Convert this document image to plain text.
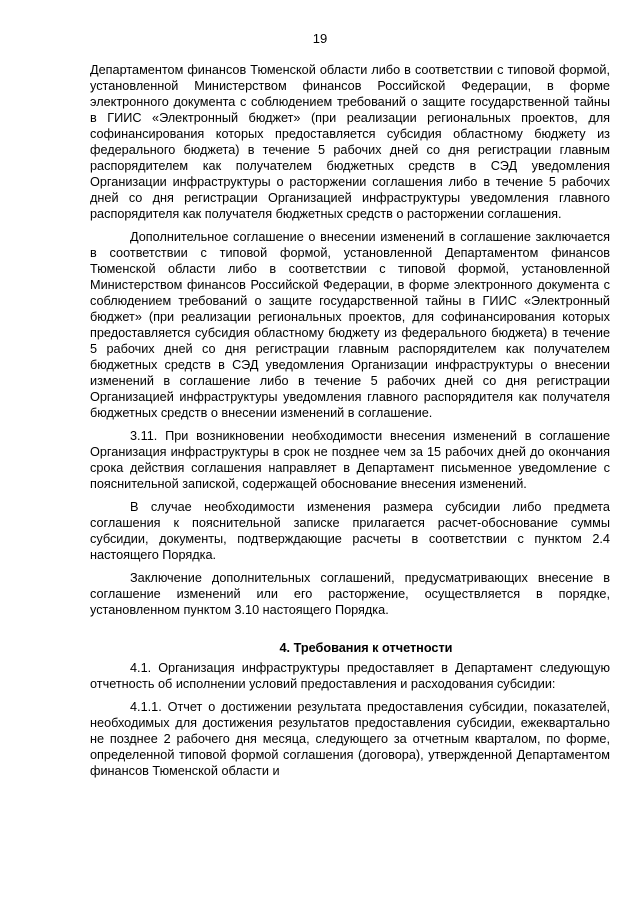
19

Департаментом финансов Тюменской области либо в соответствии с типовой формой, установленной Министерством финансов Российской Федерации, в форме электронного документа с соблюдением требований о защите государственной тайны в ГИИС «Электронный бюджет» (при реализации региональных проектов, для софинансирования которых предоставляется субсидия областному бюджету из федерального бюджета) в течение 5 рабочих дней со дня регистрации главным распорядителем как получателем бюджетных средств в СЭД уведомления Организации инфраструктуры о расторжении соглашения либо в течение 5 рабочих дней со дня регистрации Организацией инфраструктуры уведомления главного распорядителя как получателя бюджетных средств о расторжении соглашения.

Дополнительное соглашение о внесении изменений в соглашение заключается в соответствии с типовой формой, установленной Департаментом финансов Тюменской области либо в соответствии с типовой формой, установленной Министерством финансов Российской Федерации, в форме электронного документа с соблюдением требований о защите государственной тайны в ГИИС «Электронный бюджет» (при реализации региональных проектов, для софинансирования которых предоставляется субсидия областному бюджету из федерального бюджета) в течение 5 рабочих дней со дня регистрации главным распорядителем как получателем бюджетных средств в СЭД уведомления Организации инфраструктуры о внесении изменений в соглашение либо в течение 5 рабочих дней со дня регистрации Организацией инфраструктуры уведомления главного распорядителя как получателя бюджетных средств о внесении изменений в соглашение.

3.11. При возникновении необходимости внесения изменений в соглашение Организация инфраструктуры в срок не позднее чем за 15 рабочих дней до окончания срока действия соглашения направляет в Департамент письменное уведомление с пояснительной запиской, содержащей обоснование внесения изменений.

В случае необходимости изменения размера субсидии либо предмета соглашения к пояснительной записке прилагается расчет-обоснование суммы субсидии, документы, подтверждающие расчеты в соответствии с пунктом 2.4 настоящего Порядка.

Заключение дополнительных соглашений, предусматривающих внесение в соглашение изменений или его расторжение, осуществляется в порядке, установленном пунктом 3.10 настоящего Порядка.

4. Требования к отчетности

4.1. Организация инфраструктуры предоставляет в Департамент следующую отчетность об исполнении условий предоставления и расходования субсидии:

4.1.1. Отчет о достижении результата предоставления субсидии, показателей, необходимых для достижения результатов предоставления субсидии, ежеквартально не позднее 2 рабочего дня месяца, следующего за отчетным кварталом, по форме, определенной типовой формой соглашения (договора), утвержденной Департаментом финансов Тюменской области и
